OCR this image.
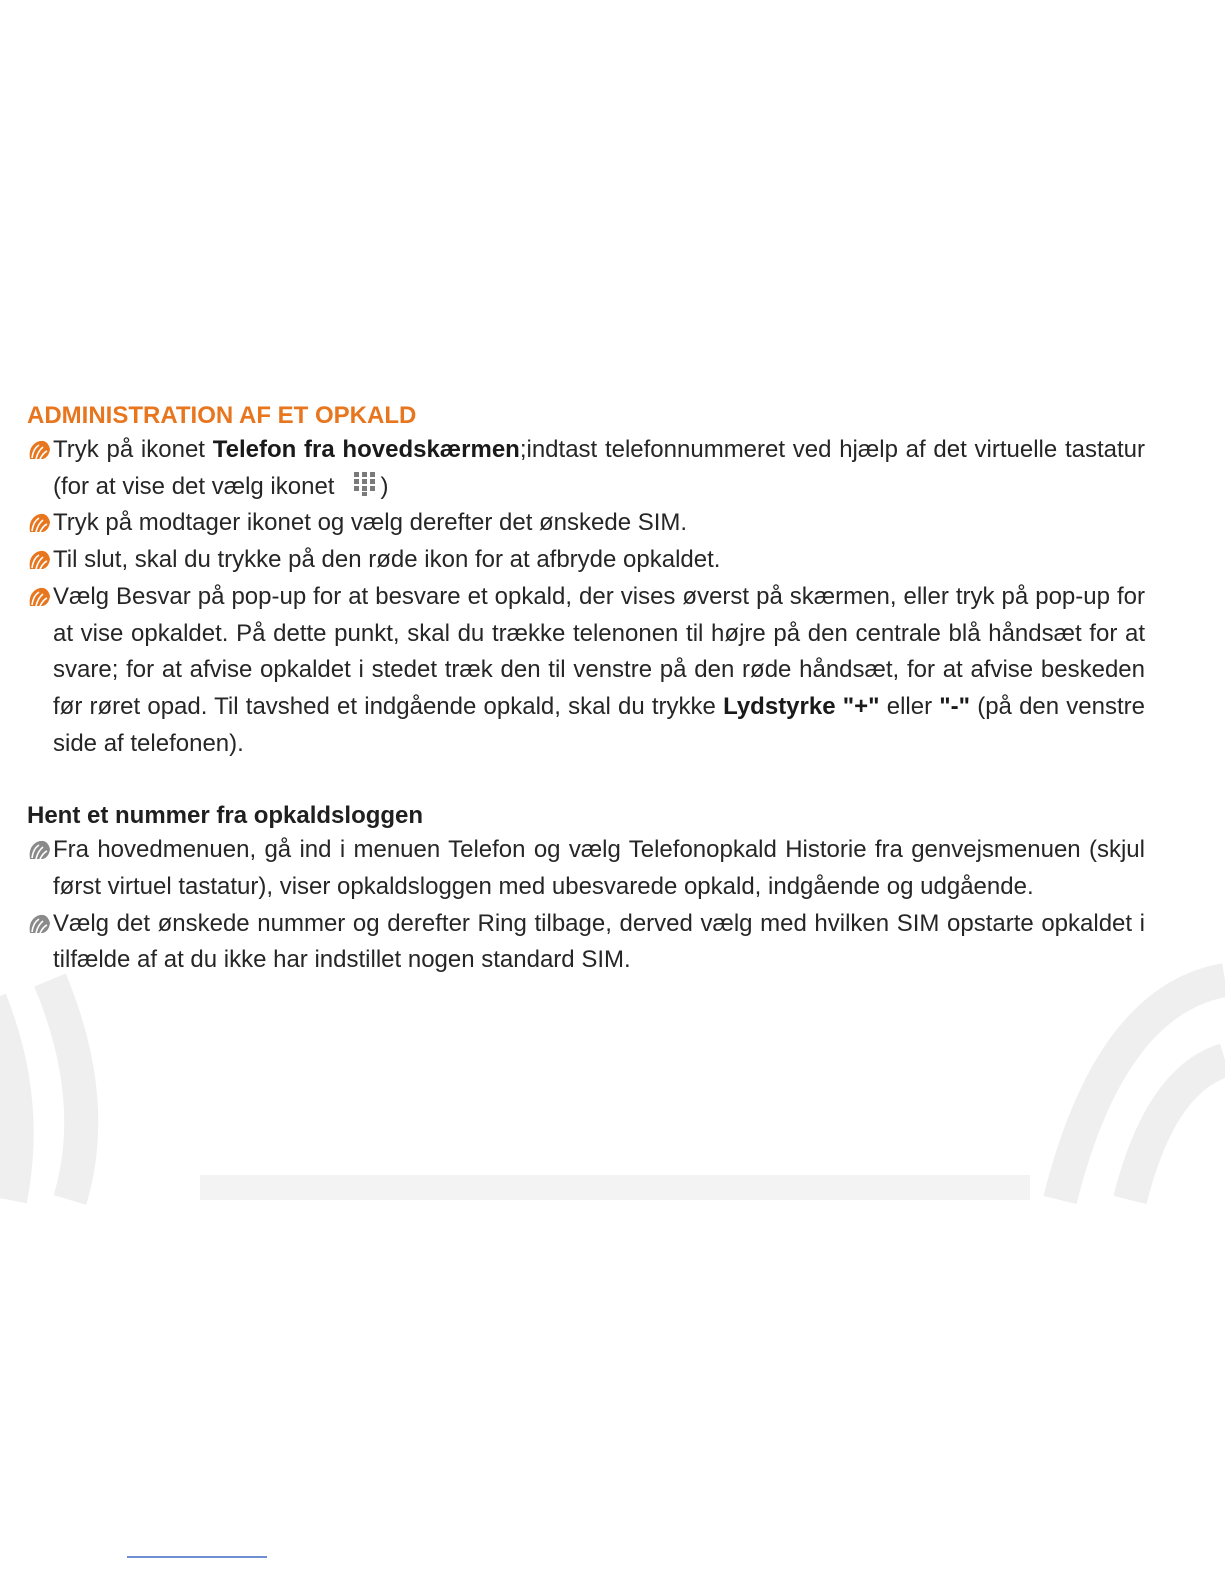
ADMINISTRATION AF ET OPKALD
Tryk på ikonet Telefon fra hovedskærmen;indtast telefonnummeret ved hjælp af det virtuelle tastatur (for at vise det vælg ikonet )
Tryk på modtager ikonet og vælg derefter det ønskede SIM.
Til slut, skal du trykke på den røde ikon for at afbryde opkaldet.
Vælg Besvar på pop-up for at besvare et opkald, der vises øverst på skærmen, eller tryk på pop-up for at vise opkaldet. På dette punkt, skal du trække telenonen til højre på den centrale blå håndsæt for at svare; for at afvise opkaldet i stedet træk den til venstre på den røde håndsæt, for at afvise beskeden før røret opad. Til tavshed et indgående opkald, skal du trykke Lydstyrke "+" eller "-" (på den venstre side af telefonen).
Hent et nummer fra opkaldsloggen
Fra hovedmenuen, gå ind i menuen Telefon og vælg Telefonopkald Historie fra genvejsmenuen (skjul først virtuel tastatur), viser opkaldsloggen med ubesvarede opkald, indgående og udgående.
Vælg det ønskede nummer og derefter Ring tilbage, derved vælg med hvilken SIM opstarte opkaldet i tilfælde af at du ikke har indstillet nogen standard SIM.
